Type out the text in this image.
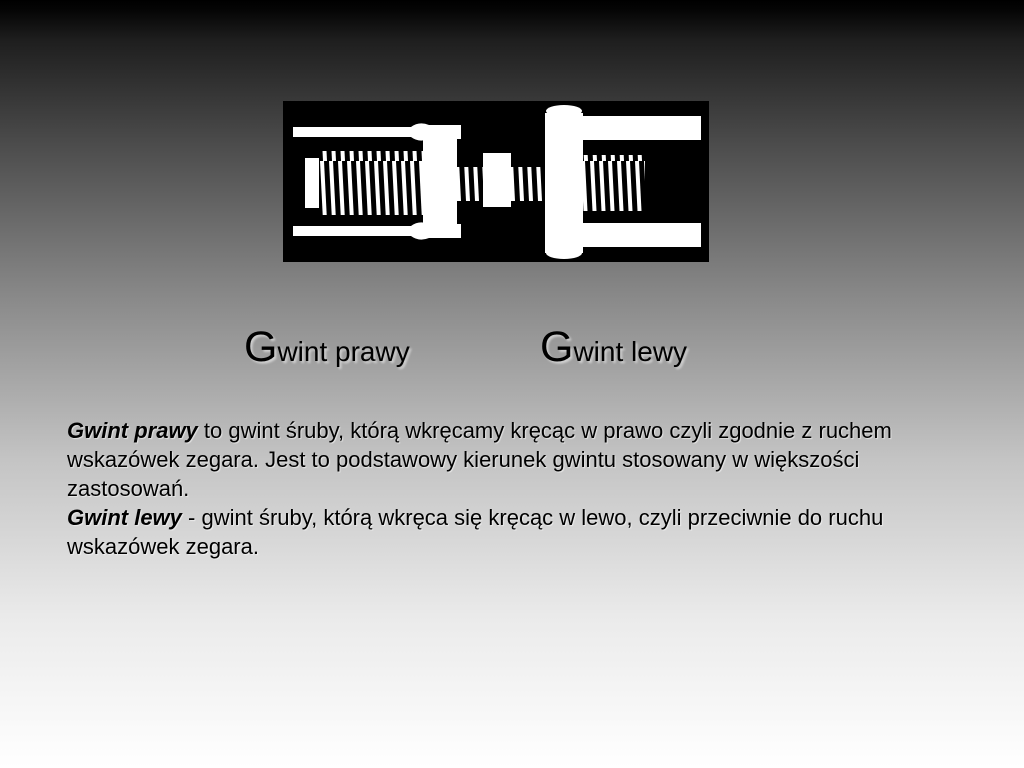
Gwint prawy	Gwint lewy

Gwint prawy to gwint śruby, którą wkręcamy kręcąc w prawo czyli zgodnie z ruchem wskazówek zegara. Jest to podstawowy kierunek gwintu stosowany w większości zastosowań.

Gwint lewy - gwint śruby, którą wkręca się kręcąc w lewo, czyli przeciwnie do ruchu wskazówek zegara.
